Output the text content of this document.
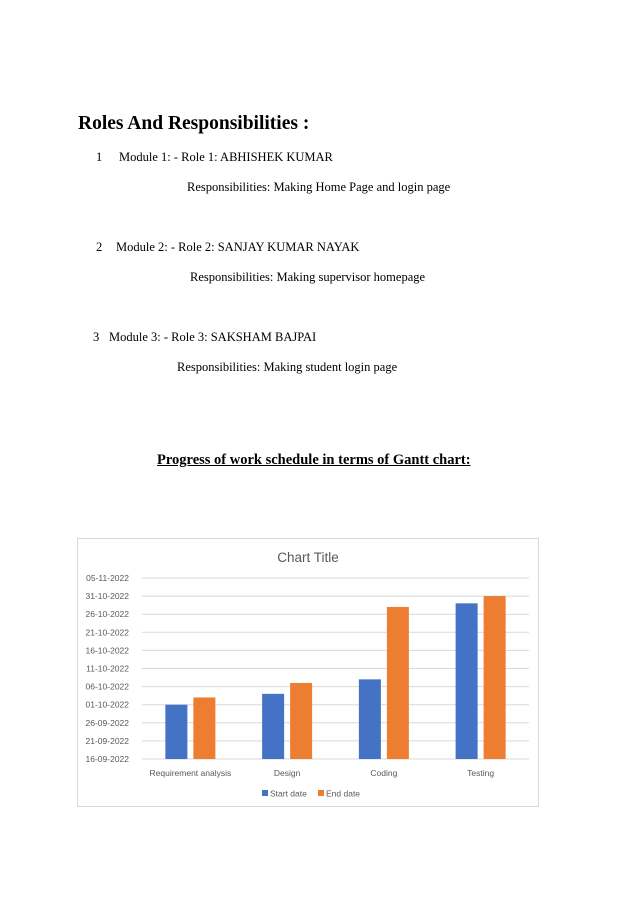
Roles And Responsibilities :
1 Module 1: - Role 1: ABHISHEK KUMAR
Responsibilities: Making Home Page and login page
2 Module 2: - Role 2: SANJAY KUMAR NAYAK
Responsibilities: Making supervisor homepage
3 Module 3: - Role 3: SAKSHAM BAJPAI
Responsibilities: Making student login page
Progress of work schedule in terms of Gantt chart:
Chart Title
16-09-2022
21-09-2022
26-09-2022
01-10-2022
06-10-2022
11-10-2022
16-10-2022
21-10-2022
26-10-2022
31-10-2022
05-11-2022
Requirement analysis	Design	Coding	Testing
Start date End date
